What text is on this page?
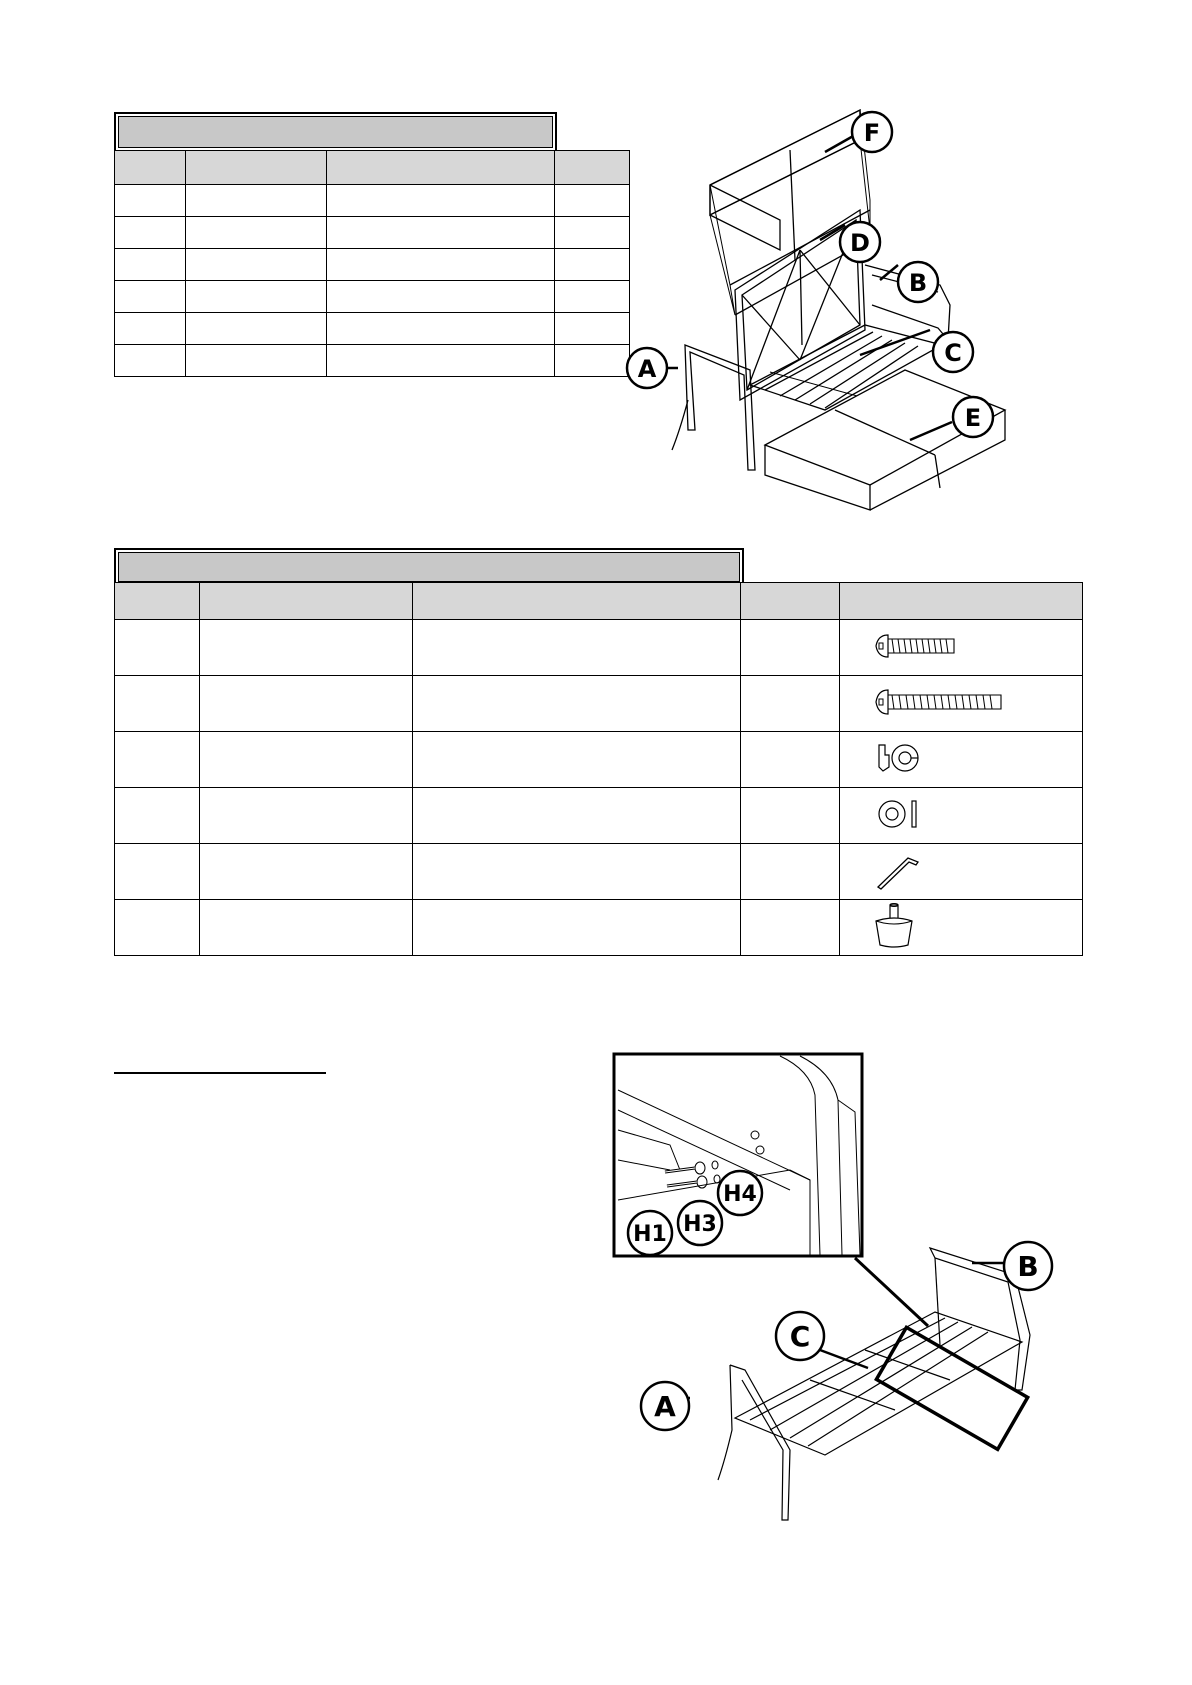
F
D
B
C
A
E

H1 H3
H4
B
C
A
